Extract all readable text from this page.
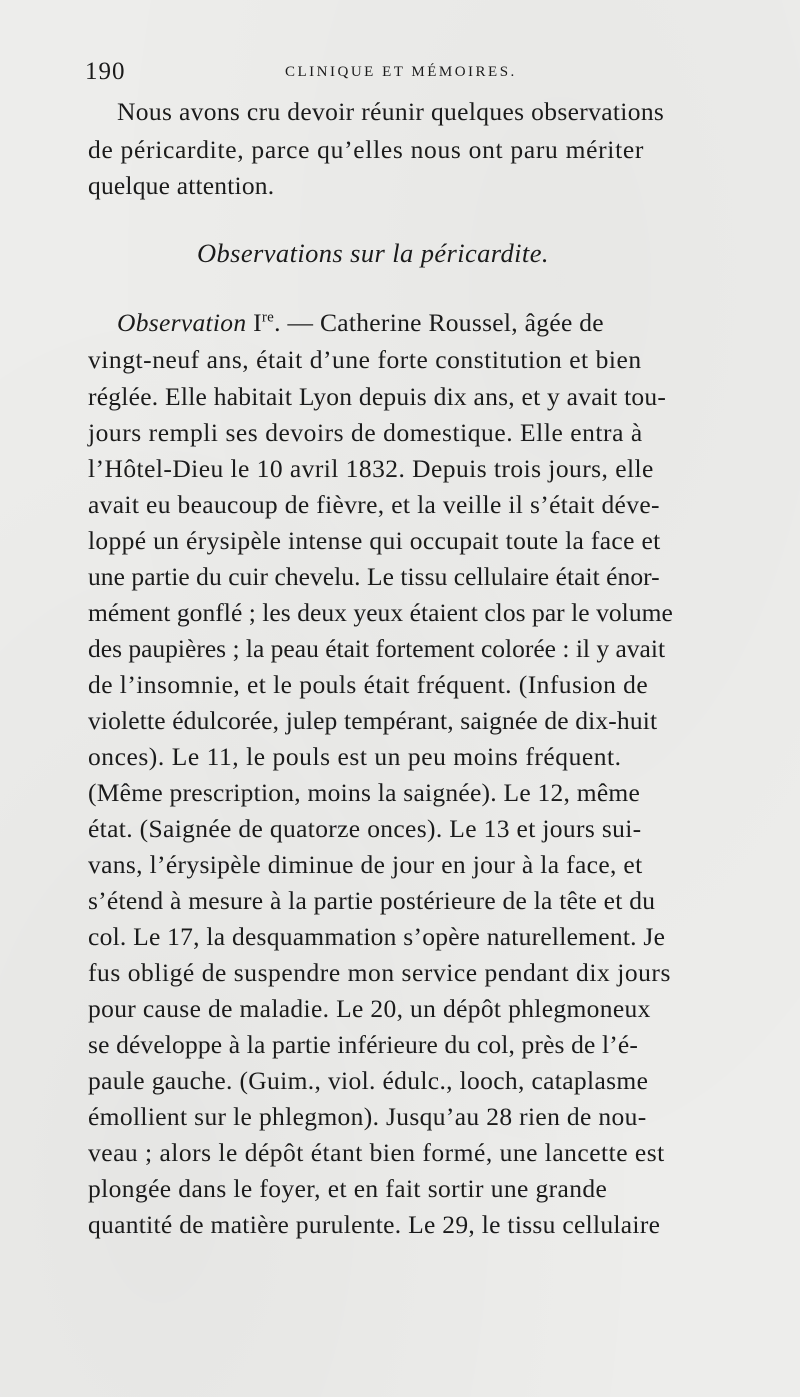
190	CLINIQUE ET MÉMOIRES.
Nous avons cru devoir réunir quelques observations
de péricardite, parce qu’elles nous ont paru mériter
quelque attention.
Observations sur la péricardite.
Observation Ire. — Catherine Roussel, âgée de
vingt-neuf ans, était d’une forte constitution et bien
réglée. Elle habitait Lyon depuis dix ans, et y avait tou-
jours rempli ses devoirs de domestique. Elle entra à
l’Hôtel-Dieu le 10 avril 1832. Depuis trois jours, elle
avait eu beaucoup de fièvre, et la veille il s’était déve-
loppé un érysipèle intense qui occupait toute la face et
une partie du cuir chevelu. Le tissu cellulaire était énor-
mément gonflé ; les deux yeux étaient clos par le volume
des paupières ; la peau était fortement colorée : il y avait
de l’insomnie, et le pouls était fréquent. (Infusion de
violette édulcorée, julep tempérant, saignée de dix-huit
onces). Le 11, le pouls est un peu moins fréquent.
(Même prescription, moins la saignée). Le 12, même
état. (Saignée de quatorze onces). Le 13 et jours sui-
vans, l’érysipèle diminue de jour en jour à la face, et
s’étend à mesure à la partie postérieure de la tête et du
col. Le 17, la desquammation s’opère naturellement. Je
fus obligé de suspendre mon service pendant dix jours
pour cause de maladie. Le 20, un dépôt phlegmoneux
se développe à la partie inférieure du col, près de l’é-
paule gauche. (Guim., viol. édulc., looch, cataplasme
émollient sur le phlegmon). Jusqu’au 28 rien de nou-
veau ; alors le dépôt étant bien formé, une lancette est
plongée dans le foyer, et en fait sortir une grande
quantité de matière purulente. Le 29, le tissu cellulaire
